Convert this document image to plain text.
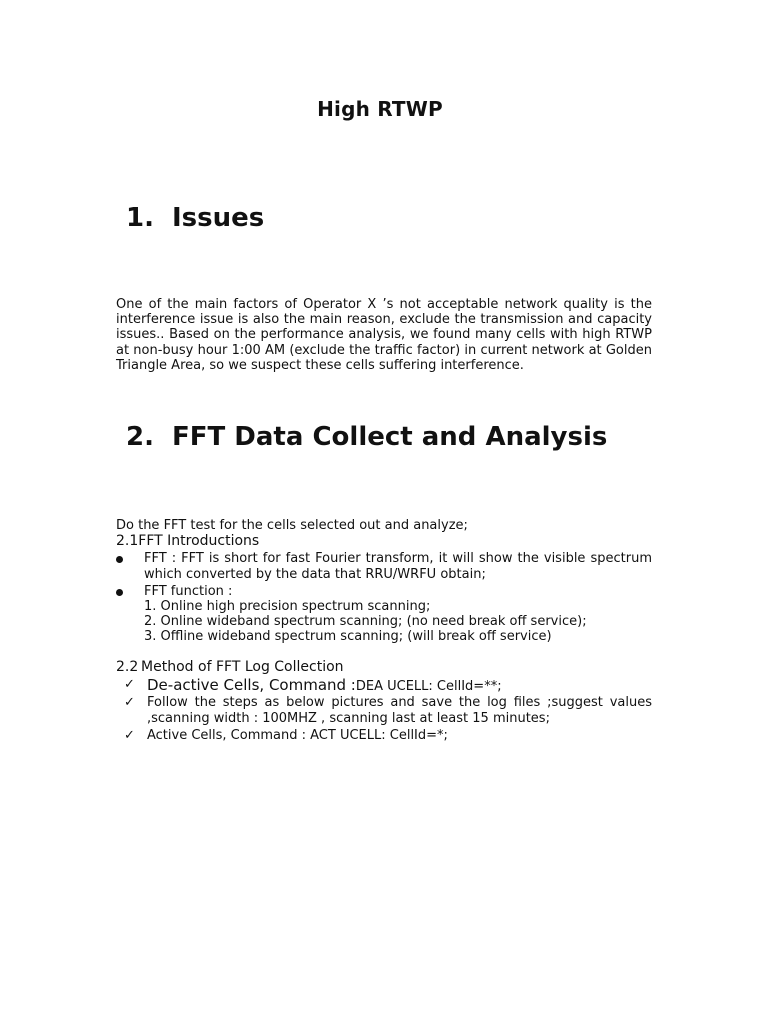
High RTWP
1. Issues
One of the main factors of Operator X ’s not acceptable network quality is the interference issue is also the main reason, exclude the transmission and capacity issues.. Based on the performance analysis, we found many cells with high RTWP at non-busy hour 1:00 AM (exclude the traffic factor) in current network at Golden Triangle Area, so we suspect these cells suffering interference.
2. FFT Data Collect and Analysis
Do the FFT test for the cells selected out and analyze;
2.1FFT Introductions
FFT : FFT is short for fast Fourier transform, it will show the visible spectrum which converted by the data that RRU/WRFU obtain;
FFT function :
1. Online high precision spectrum scanning;
2. Online wideband spectrum scanning; (no need break off service);
3. Offline wideband spectrum scanning; (will break off service)
2.2 Method of FFT Log Collection
✓ De-active Cells, Command :DEA UCELL: CellId=**;
✓ Follow the steps as below pictures and save the log files ;suggest values ,scanning width : 100MHZ , scanning last at least 15 minutes;
✓ Active Cells, Command : ACT UCELL: CellId=*;
